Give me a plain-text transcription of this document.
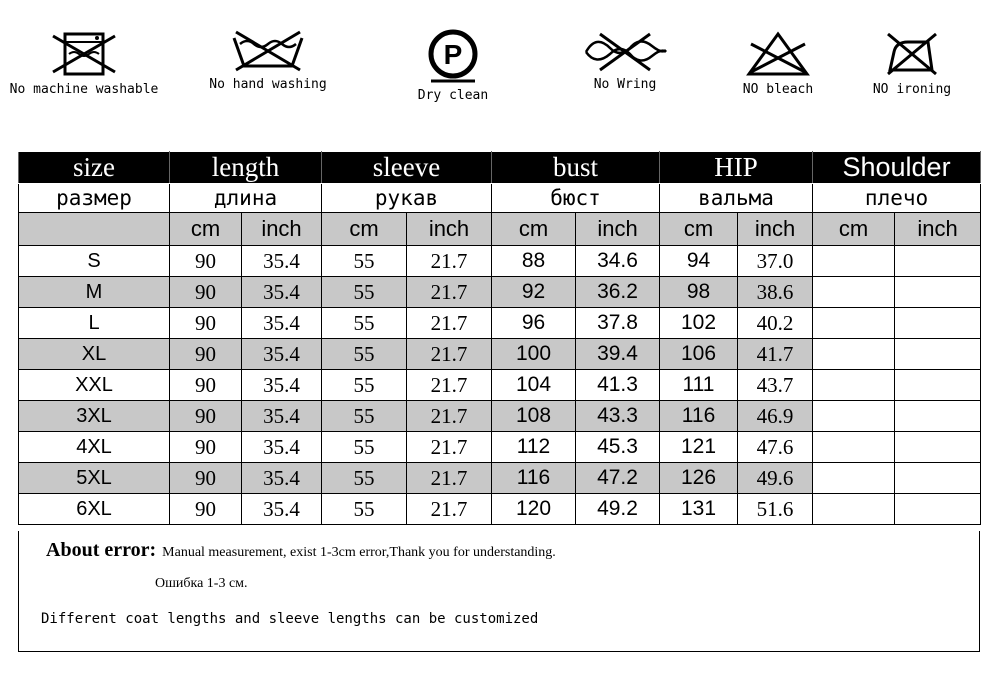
No machine washable	No hand washing
P
Dry clean
No Wring	NO bleach	NO ironing
size	length		sleeve		bust		HIP		Shoulder	
размер	длина		рукав		бюст		вальма		плечо	
	cm	inch	cm	inch	cm	inch	cm	inch	cm	inch
S	90	35.4	55	21.7	88	34.6	94	37.0		
M	90	35.4	55	21.7	92	36.2	98	38.6		
L	90	35.4	55	21.7	96	37.8	102	40.2		
XL	90	35.4	55	21.7	100	39.4	106	41.7		
XXL	90	35.4	55	21.7	104	41.3	111	43.7		
3XL	90	35.4	55	21.7	108	43.3	116	46.9		
4XL	90	35.4	55	21.7	112	45.3	121	47.6		
5XL	90	35.4	55	21.7	116	47.2	126	49.6		
6XL	90	35.4	55	21.7	120	49.2	131	51.6		
About error: Manual measurement, exist 1-3cm error,Thank you for understanding.
Ошибка 1-3 см.
Different coat lengths and sleeve lengths can be customized
